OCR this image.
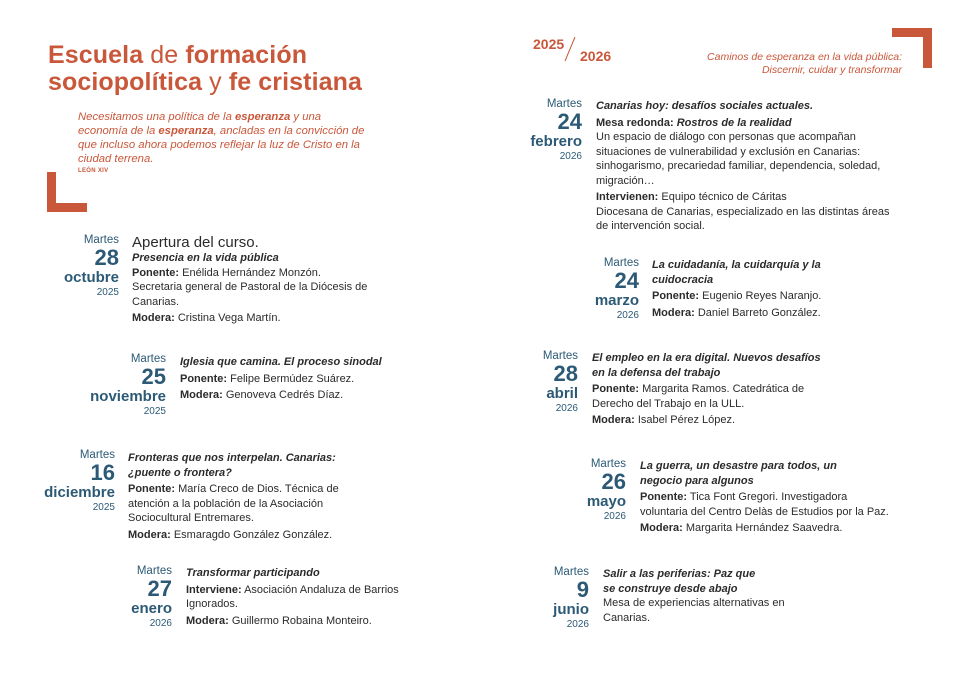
Escuela de formación
sociopolítica y fe cristiana
Necesitamos una política de la esperanza y una economía de la esperanza, ancladas en la convicción de que incluso ahora podemos reflejar la luz de Cristo en la ciudad terrena.
LEÓN XIV
2025
2026	Caminos de esperanza en la vida pública:
Discernir, cuidar y transformar
Martes
28
octubre
2025
Apertura del curso.
Presencia en la vida pública
Ponente: Enélida Hernández Monzón.
Secretaria general de Pastoral de la Diócesis de Canarias.
Modera: Cristina Vega Martín.
Martes
25
noviembre
2025
Iglesia que camina. El proceso sinodal
Ponente: Felipe Bermúdez Suárez.
Modera: Genoveva Cedrés Díaz.
Martes
16
diciembre
2025
Fronteras que nos interpelan. Canarias:
¿puente o frontera?
Ponente: María Creco de Dios. Técnica de
atención a la población de la Asociación Sociocultural Entremares.
Modera: Esmaragdo González González.
Martes
27
enero
2026
Transformar participando
Interviene: Asociación Andaluza de Barrios
Ignorados.
Modera: Guillermo Robaina Monteiro.
Martes
24
febrero
2026
Canarias hoy: desafíos sociales actuales.
Mesa redonda: Rostros de la realidad
Un espacio de diálogo con personas que acompañan situaciones de vulnerabilidad y exclusión en Canarias: sinhogarismo, precariedad familiar, dependencia, soledad, migración…
Intervienen: Equipo técnico de Cáritas
Diocesana de Canarias, especializado en las distintas áreas de intervención social.
Martes
24
marzo
2026
La cuidadanía, la cuidarquía y la
cuidocracia
Ponente: Eugenio Reyes Naranjo.
Modera: Daniel Barreto González.
Martes
28
abril
2026
El empleo en la era digital. Nuevos desafíos
en la defensa del trabajo
Ponente: Margarita Ramos. Catedrática de
Derecho del Trabajo en la ULL.
Modera: Isabel Pérez López.
Martes
26
mayo
2026
La guerra, un desastre para todos, un
negocio para algunos
Ponente: Tica Font Gregori. Investigadora
voluntaria del Centro Delàs de Estudios por la Paz.
Modera: Margarita Hernández Saavedra.
Martes
9
junio
2026
Salir a las periferias: Paz que
se construye desde abajo
Mesa de experiencias alternativas en Canarias.
